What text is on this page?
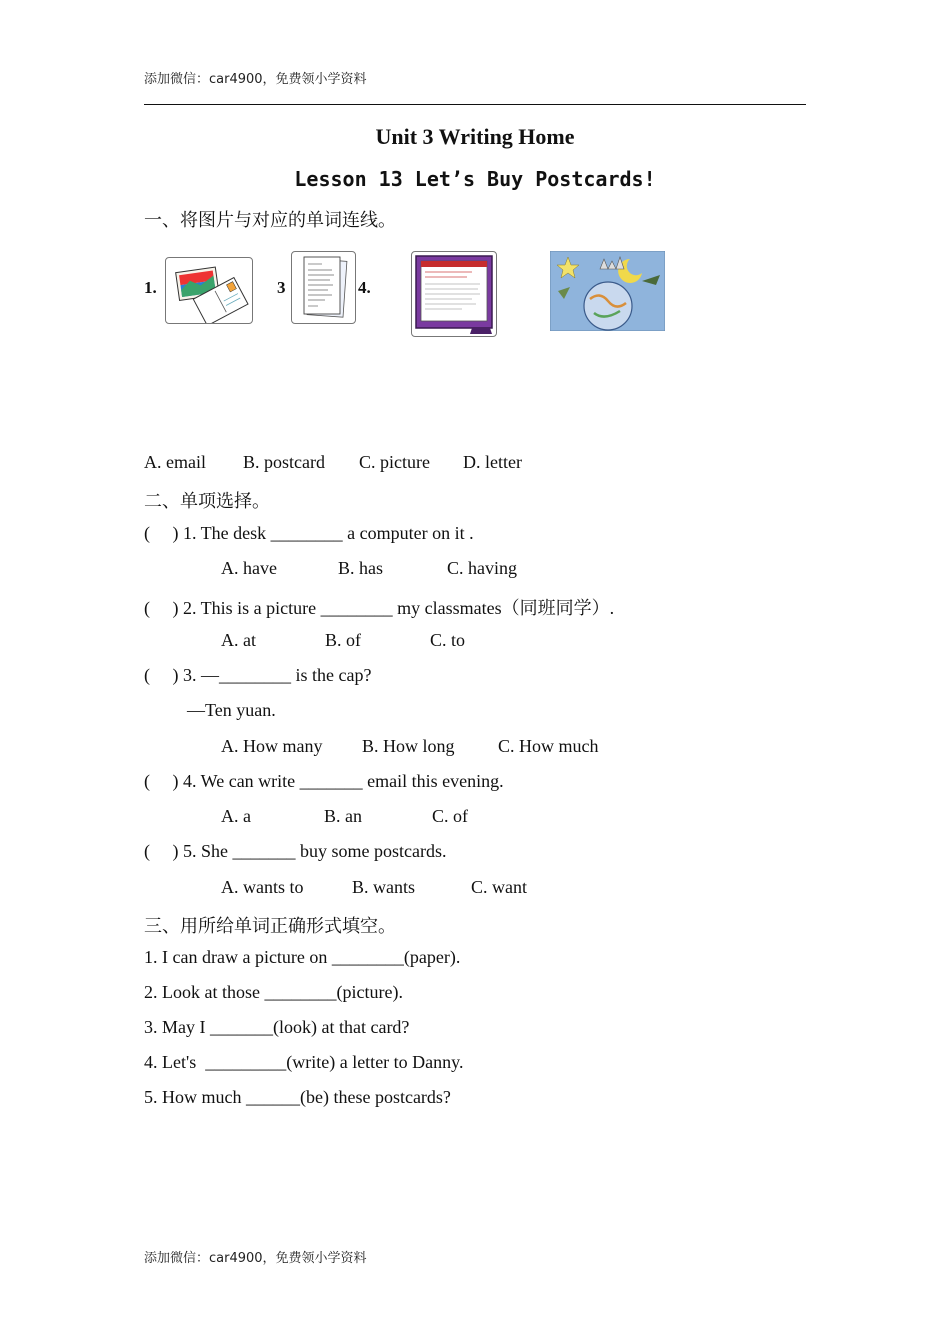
添加微信：car4900，免费领小学资料
Unit 3 Writing Home
Lesson 13 Let’s Buy Postcards!
一、将图片与对应的单词连线。
1.	3	4.
A. email B. postcard C. picture D. letter
二、单项选择。
(     ) 1. The desk ________ a computer on it .
A. have	B. has	C. having
(     ) 2. This is a picture ________ my classmates（同班同学）.
A. at	B. of	C. to
(     ) 3. —________ is the cap?
—Ten yuan.
A. How many B. How long C. How much
(     ) 4. We can write _______ email this evening.
A. a	B. an	C. of
(     ) 5. She _______ buy some postcards.
A. wants to	B. wants	C. want
三、用所给单词正确形式填空。
1. I can draw a picture on ________(paper).
2. Look at those ________(picture).
3. May I _______(look) at that card?
4. Let's  _________(write) a letter to Danny.
5. How much ______(be) these postcards?
添加微信：car4900，免费领小学资料
